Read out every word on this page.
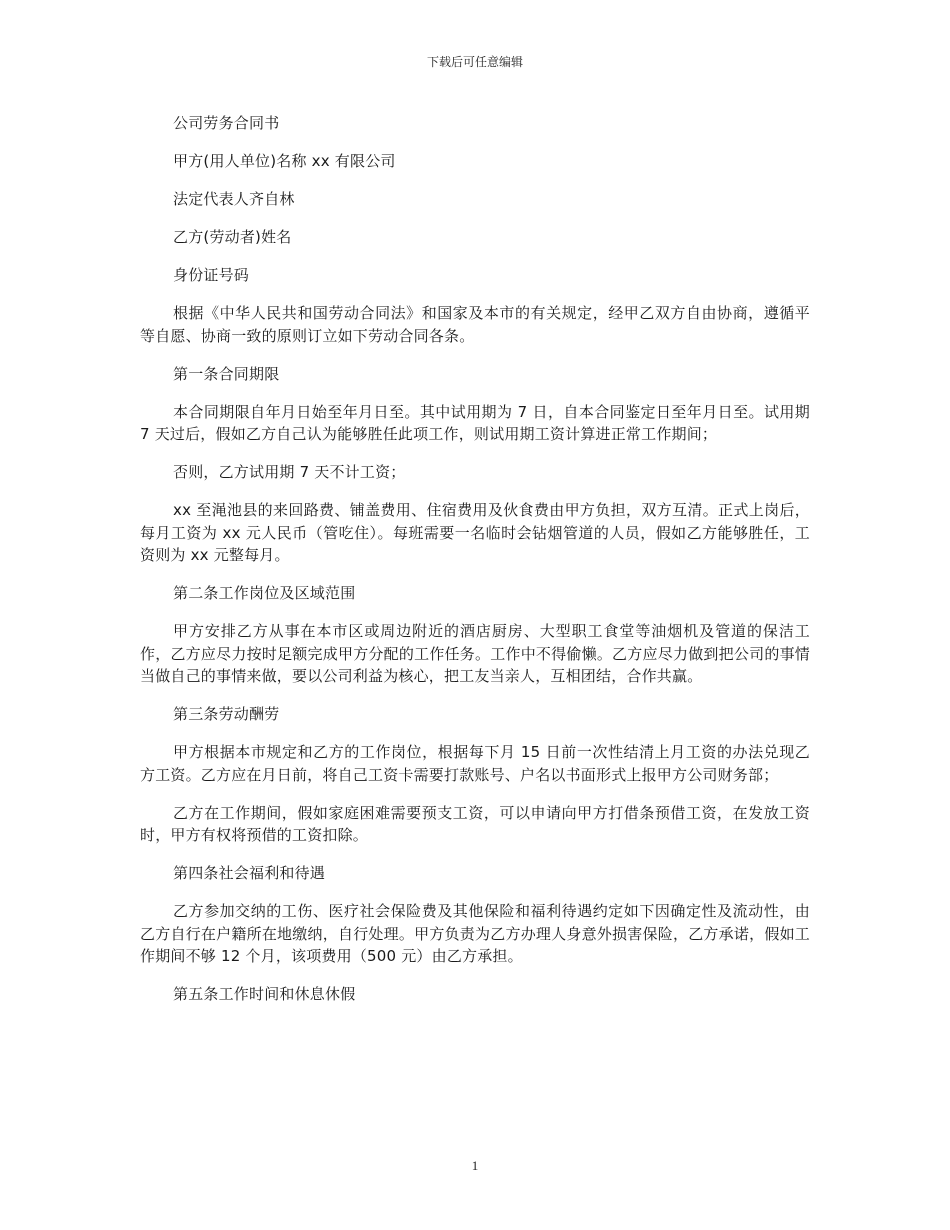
下载后可任意编辑

公司劳务合同书

甲方(用人单位)名称 xx 有限公司

法定代表人齐自林

乙方(劳动者)姓名

身份证号码

根据《中华人民共和国劳动合同法》和国家及本市的有关规定，经甲乙双方自由协商，遵循平等自愿、协商一致的原则订立如下劳动合同各条。

第一条合同期限

本合同期限自年月日始至年月日至。其中试用期为 7 日，自本合同鉴定日至年月日至。试用期 7 天过后，假如乙方自己认为能够胜任此项工作，则试用期工资计算进正常工作期间；

否则，乙方试用期 7 天不计工资；

xx 至渑池县的来回路费、铺盖费用、住宿费用及伙食费由甲方负担，双方互清。正式上岗后，每月工资为 xx 元人民币（管吃住）。每班需要一名临时会钻烟管道的人员，假如乙方能够胜任，工资则为 xx 元整每月。

第二条工作岗位及区域范围

甲方安排乙方从事在本市区或周边附近的酒店厨房、大型职工食堂等油烟机及管道的保洁工作，乙方应尽力按时足额完成甲方分配的工作任务。工作中不得偷懒。乙方应尽力做到把公司的事情当做自己的事情来做，要以公司利益为核心，把工友当亲人，互相团结，合作共赢。

第三条劳动酬劳

甲方根据本市规定和乙方的工作岗位，根据每下月 15 日前一次性结清上月工资的办法兑现乙方工资。乙方应在月日前，将自己工资卡需要打款账号、户名以书面形式上报甲方公司财务部；

乙方在工作期间，假如家庭困难需要预支工资，可以申请向甲方打借条预借工资，在发放工资时，甲方有权将预借的工资扣除。

第四条社会福利和待遇

乙方参加交纳的工伤、医疗社会保险费及其他保险和福利待遇约定如下因确定性及流动性，由乙方自行在户籍所在地缴纳，自行处理。甲方负责为乙方办理人身意外损害保险，乙方承诺，假如工作期间不够 12 个月，该项费用（500 元）由乙方承担。

第五条工作时间和休息休假

1
